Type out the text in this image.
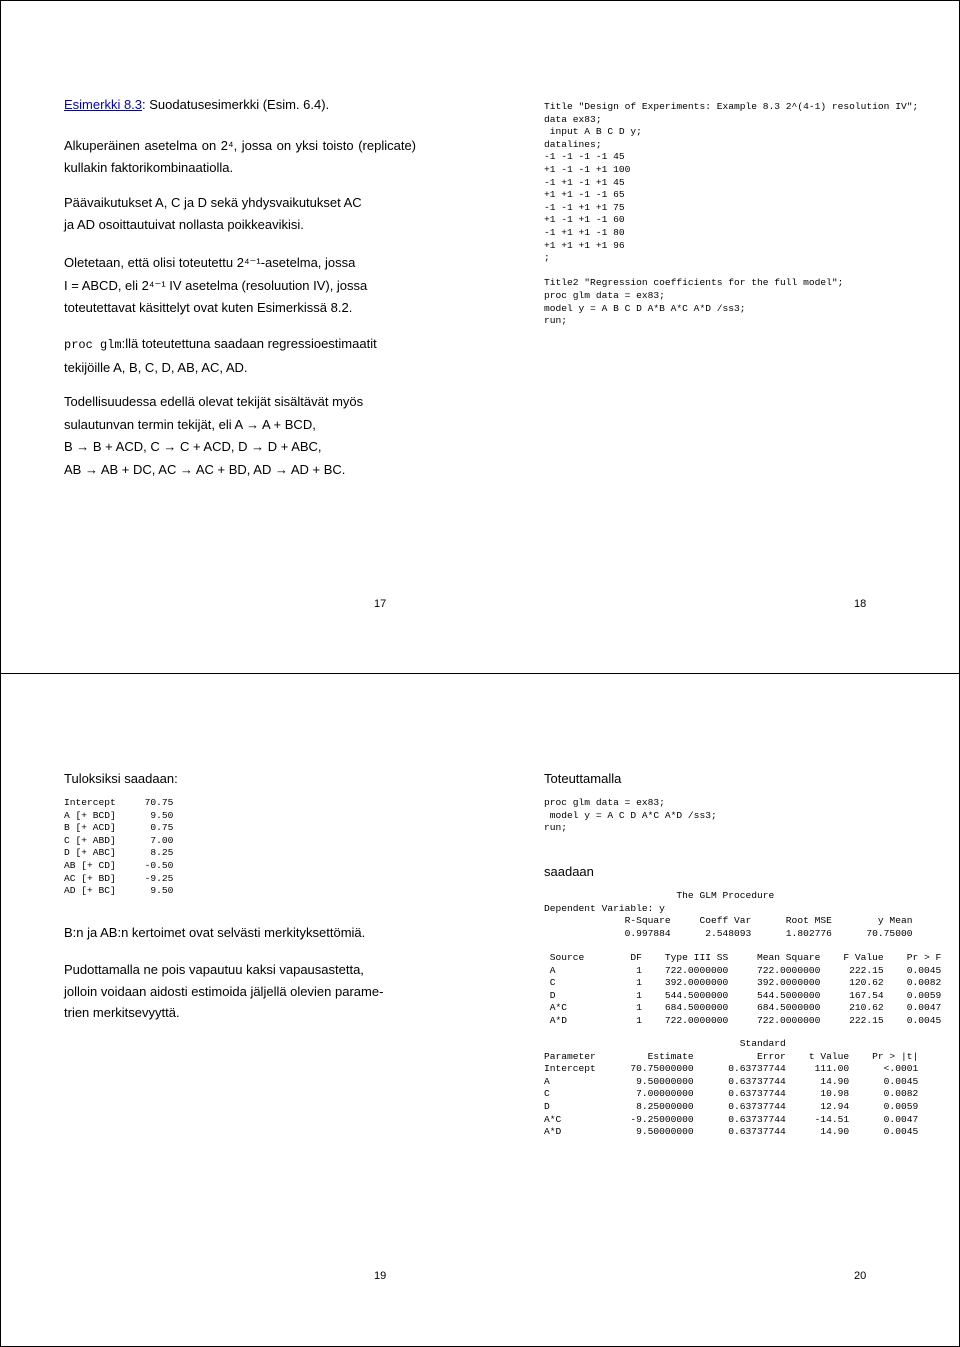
Esimerkki 8.3: Suodatusesimerkki (Esim. 6.4).
Alkuperäinen asetelma on 2⁴, jossa on yksi toisto (replicate) kullakin faktorikombinaatiolla.
Päävaikutukset A, C ja D sekä yhdysvaikutukset AC
ja AD osoittautuivat nollasta poikkeavikisi.
Oletetaan, että olisi toteutettu 2⁴⁻¹-asetelma, jossa
I = ABCD, eli 2⁴⁻¹ IV asetelma (resoluution IV), jossa
toteutettavat käsittelyt ovat kuten Esimerkissä 8.2.
proc glm:llä toteutettuna saadaan regressioestimaatit
tekijöille A, B, C, D, AB, AC, AD.
Todellisuudessa edellä olevat tekijät sisältävät myös
sulautunvan termin tekijät, eli A → A + BCD,
B → B + ACD, C → C + ACD, D → D + ABC,
AB → AB + DC, AC → AC + BD, AD → AD + BC.
17
Title "Design of Experiments: Example 8.3 2^(4-1) resolution IV";
data ex83;
input A B C D y;
datalines;
-1 -1 -1 -1 45
+1 -1 -1 +1 100
-1 +1 -1 +1 45
+1 +1 -1 -1 65
-1 -1 +1 +1 75
+1 -1 +1 -1 60
-1 +1 +1 -1 80
+1 +1 +1 +1 96
;

Title2 "Regression coefficients for the full model";
proc glm data = ex83;
model y = A B C D A*B A*C A*D /ss3;
run;
18
Tuloksiksi saadaan:
Intercept     70.75
A [+ BCD]      9.50
B [+ ACD]      0.75
C [+ ABD]      7.00
D [+ ABC]      8.25
AB [+ CD]     -0.50
AC [+ BD]     -9.25
AD [+ BC]      9.50
B:n ja AB:n kertoimet ovat selvästi merkityksettömiä.
Pudottamalla ne pois vapautuu kaksi vapausastetta,
jolloin voidaan aidosti estimoida jäljellä olevien parame-
trien merkitsevyyttä.
19
Toteuttamalla
proc glm data = ex83;
model y = A C D A*C A*D /ss3;
run;
saadaan
The GLM Procedure
Dependent Variable: y
R-Square     Coeff Var      Root MSE        y Mean
0.997884      2.548093      1.802776      70.75000
Source        DF    Type III SS     Mean Square    F Value    Pr > F
A              1    722.0000000     722.0000000     222.15    0.0045
C              1    392.0000000     392.0000000     120.62    0.0082
D              1    544.5000000     544.5000000     167.54    0.0059
A*C            1    684.5000000     684.5000000     210.62    0.0047
A*D            1    722.0000000     722.0000000     222.15    0.0045
Standard
Parameter         Estimate           Error    t Value    Pr > |t|
Intercept      70.75000000      0.63737744     111.00      <.0001
A               9.50000000      0.63737744      14.90      0.0045
C               7.00000000      0.63737744      10.98      0.0082
D               8.25000000      0.63737744      12.94      0.0059
A*C            -9.25000000      0.63737744     -14.51      0.0047
A*D             9.50000000      0.63737744      14.90      0.0045
20
